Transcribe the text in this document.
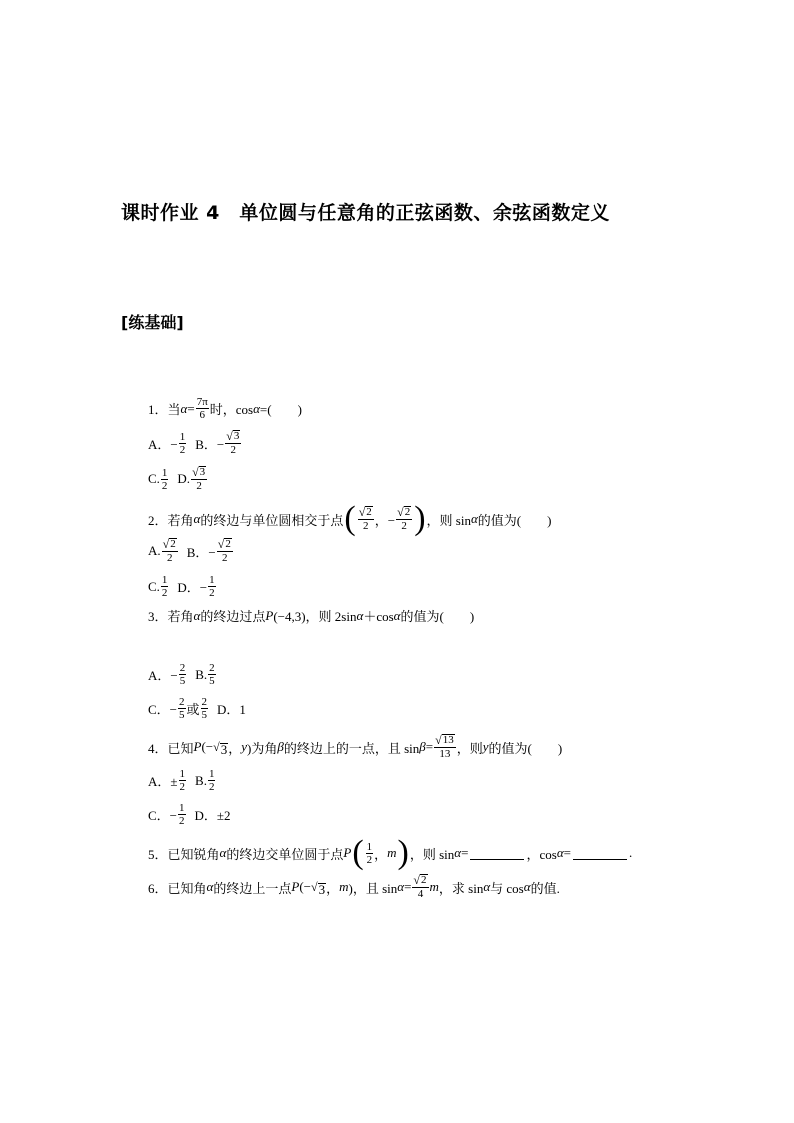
课时作业 4　单位圆与任意角的正弦函数、余弦函数定义
[练基础]
1．当 $\alpha = \frac{7\pi}{6}$ 时，cos α =(　　)
A．− $\frac{1}{2}$ B．− $\frac{√ 3}{2}$
C. $\frac{1}{2} D$. $\frac{√ 3}{2}$
2．若角 α 的终边与单位圆相交于点 ( $\frac{√ 2}{2}$ ，− $\frac{√ 2}{2}$ ) ，则 sin α 的值为(　　)
A. $\frac{√ 2}{2}$ B．− $\frac{√ 2}{2}$
C. $\frac{1}{2}$ D．− $\frac{1}{2}$
3．若角 α 的终边过点 P (−4,3)，则 2sin α ＋cos α 的值为(　　)
A．− $\frac{2}{5} B$. $\frac{2}{5}$
C．− $\frac{2}{5}$ 或 $\frac{2}{5}$ D．1
4．已知 P (− √ 3 ， y )为角 β 的终边上的一点，且 $\sin \beta = \frac{√ 13}{13}$ ，则 y 的值为(　　)
A．± $\frac{1}{2} B$. $\frac{1}{2}$
C．− $\frac{1}{2}$ D．±2
5．已知锐角 α 的终边交单位圆于点 P ( $\frac{1}{2}$ ， m ) ，则 sin α =	，cos α =	.
6．已知角 α 的终边上一点 P (− √ 3 ， m )，且 $\sin \alpha = \frac{√ 2}{4}$ m ，求 sin α 与 cos α 的值.
